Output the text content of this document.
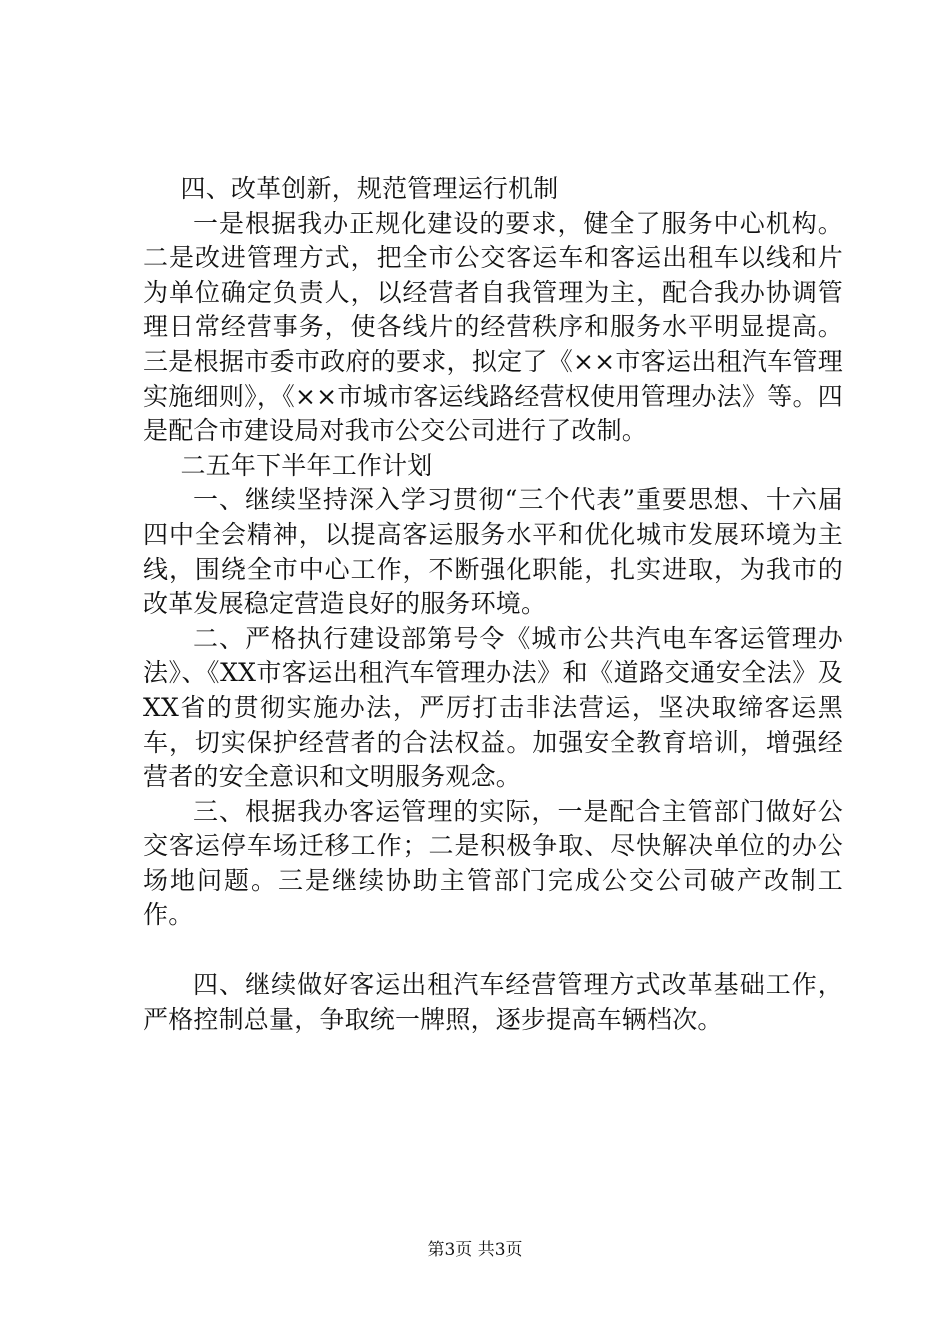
四、改革创新，规范管理运行机制

一是根据我办正规化建设的要求，健全了服务中心机构。二是改进管理方式，把全市公交客运车和客运出租车以线和片为单位确定负责人，以经营者自我管理为主，配合我办协调管理日常经营事务，使各线片的经营秩序和服务水平明显提高。三是根据市委市政府的要求，拟定了《××市客运出租汽车管理实施细则》，《××市城市客运线路经营权使用管理办法》等。四是配合市建设局对我市公交公司进行了改制。

二五年下半年工作计划

一、继续坚持深入学习贯彻“三个代表”重要思想、十六届四中全会精神，以提高客运服务水平和优化城市发展环境为主线，围绕全市中心工作，不断强化职能，扎实进取，为我市的改革发展稳定营造良好的服务环境。

二、严格执行建设部第号令《城市公共汽电车客运管理办法》、《XX市客运出租汽车管理办法》和《道路交通安全法》及XX省的贯彻实施办法，严厉打击非法营运，坚决取缔客运黑车，切实保护经营者的合法权益。加强安全教育培训，增强经营者的安全意识和文明服务观念。

三、根据我办客运管理的实际，一是配合主管部门做好公交客运停车场迁移工作；二是积极争取、尽快解决单位的办公场地问题。三是继续协助主管部门完成公交公司破产改制工作。

四、继续做好客运出租汽车经营管理方式改革基础工作，严格控制总量，争取统一牌照，逐步提高车辆档次。

第3页 共3页
